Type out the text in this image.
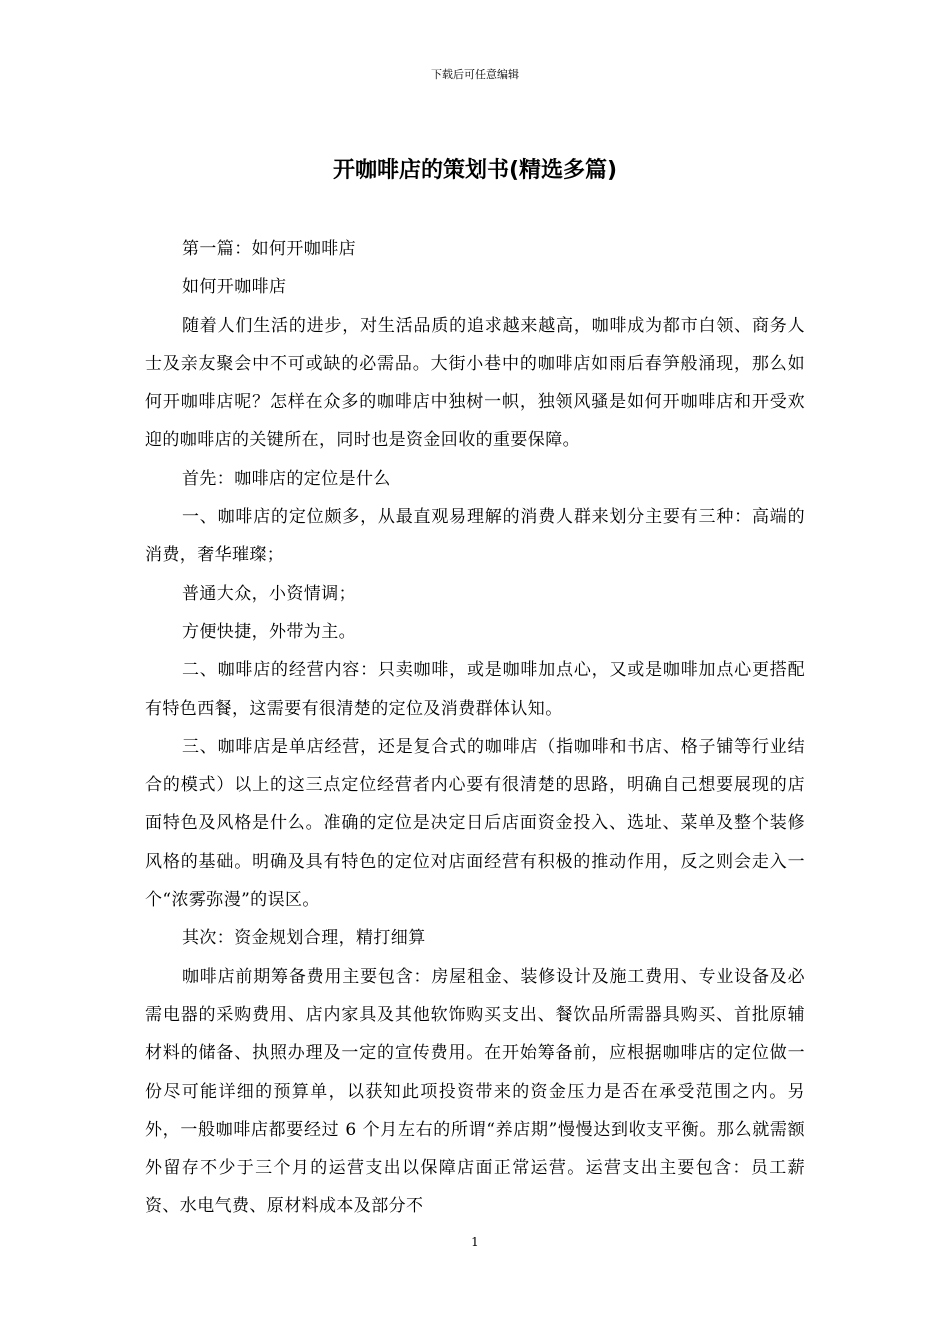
下载后可任意编辑
开咖啡店的策划书(精选多篇)

第一篇：如何开咖啡店

如何开咖啡店

随着人们生活的进步，对生活品质的追求越来越高，咖啡成为都市白领、商务人士及亲友聚会中不可或缺的必需品。大街小巷中的咖啡店如雨后春笋般涌现，那么如何开咖啡店呢？怎样在众多的咖啡店中独树一帜，独领风骚是如何开咖啡店和开受欢迎的咖啡店的关键所在，同时也是资金回收的重要保障。

首先：咖啡店的定位是什么

一、咖啡店的定位颇多，从最直观易理解的消费人群来划分主要有三种：高端的消费，奢华璀璨；

普通大众，小资情调；

方便快捷，外带为主。

二、咖啡店的经营内容：只卖咖啡，或是咖啡加点心，又或是咖啡加点心更搭配有特色西餐，这需要有很清楚的定位及消费群体认知。

三、咖啡店是单店经营，还是复合式的咖啡店（指咖啡和书店、格子铺等行业结合的模式）以上的这三点定位经营者内心要有很清楚的思路，明确自己想要展现的店面特色及风格是什么。准确的定位是决定日后店面资金投入、选址、菜单及整个装修风格的基础。明确及具有特色的定位对店面经营有积极的推动作用，反之则会走入一个“浓雾弥漫”的误区。

其次：资金规划合理，精打细算

咖啡店前期筹备费用主要包含：房屋租金、装修设计及施工费用、专业设备及必需电器的采购费用、店内家具及其他软饰购买支出、餐饮品所需器具购买、首批原辅材料的储备、执照办理及一定的宣传费用。在开始筹备前，应根据咖啡店的定位做一份尽可能详细的预算单，以获知此项投资带来的资金压力是否在承受范围之内。另外，一般咖啡店都要经过 6 个月左右的所谓“养店期”慢慢达到收支平衡。那么就需额外留存不少于三个月的运营支出以保障店面正常运营。运营支出主要包含：员工薪资、水电气费、原材料成本及部分不

1
